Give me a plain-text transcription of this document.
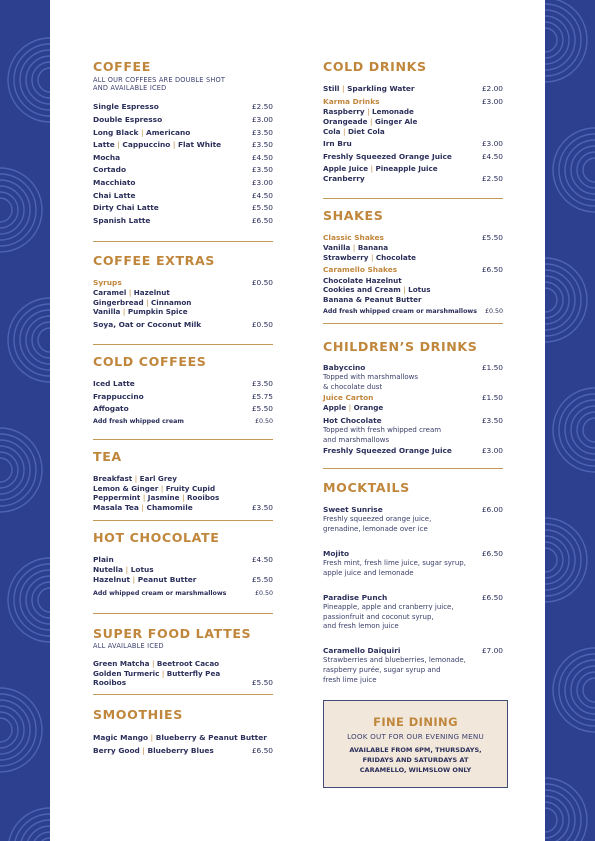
COFFEE
ALL OUR COFFEES ARE DOUBLE SHOT
AND AVAILABLE ICED
Single Espresso	£2.50
Double Espresso	£3.00
Long Black | Americano	£3.50
Latte | Cappuccino | Flat White	£3.50
Mocha	£4.50
Cortado	£3.50
Macchiato	£3.00
Chai Latte	£4.50
Dirty Chai Latte	£5.50
Spanish Latte	£6.50
COFFEE EXTRAS
Syrups	£0.50
Caramel | Hazelnut
Gingerbread | Cinnamon
Vanilla | Pumpkin Spice
Soya, Oat or Coconut Milk	£0.50
COLD COFFEES
Iced Latte	£3.50
Frappuccino	£5.75
Affogato	£5.50
Add fresh whipped cream	£0.50
TEA
Breakfast | Earl Grey
Lemon & Ginger | Fruity Cupid
Peppermint | Jasmine | Rooibos
Masala Tea | Chamomile	£3.50
HOT CHOCOLATE
Plain	£4.50
Nutella | Lotus
Hazelnut | Peanut Butter	£5.50
Add whipped cream or marshmallows	£0.50
SUPER FOOD LATTES
ALL AVAILABLE ICED
Green Matcha | Beetroot Cacao
Golden Turmeric | Butterfly Pea
Rooibos	£5.50
SMOOTHIES
Magic Mango | Blueberry & Peanut Butter
Berry Good | Blueberry Blues	£6.50
COLD DRINKS
Still | Sparkling Water	£2.00
Karma Drinks	£3.00
Raspberry | Lemonade
Orangeade | Ginger Ale
Cola | Diet Cola
Irn Bru	£3.00
Freshly Squeezed Orange Juice	£4.50
Apple Juice | Pineapple Juice
Cranberry	£2.50
SHAKES
Classic Shakes	£5.50
Vanilla | Banana
Strawberry | Chocolate
Caramello Shakes	£6.50
Chocolate Hazelnut
Cookies and Cream | Lotus
Banana & Peanut Butter
Add fresh whipped cream or marshmallows £0.50
CHILDREN’S DRINKS
Babyccino	£1.50
Topped with marshmallows
& chocolate dust
Juice Carton	£1.50
Apple | Orange
Hot Chocolate	£3.50
Topped with fresh whipped cream
and marshmallows
Freshly Squeezed Orange Juice	£3.00
MOCKTAILS
Sweet Sunrise	£6.00
Freshly squeezed orange juice,
grenadine, lemonade over ice
Mojito	£6.50
Fresh mint, fresh lime juice, sugar syrup,
apple juice and lemonade
Paradise Punch	£6.50
Pineapple, apple and cranberry juice,
passionfruit and coconut syrup,
and fresh lemon juice
Caramello Daiquiri	£7.00
Strawberries and blueberries, lemonade,
raspberry purée, sugar syrup and
fresh lime juice
FINE DINING
LOOK OUT FOR OUR EVENING MENU
AVAILABLE FROM 6PM, THURSDAYS,
FRIDAYS AND SATURDAYS AT
CARAMELLO, WILMSLOW ONLY
